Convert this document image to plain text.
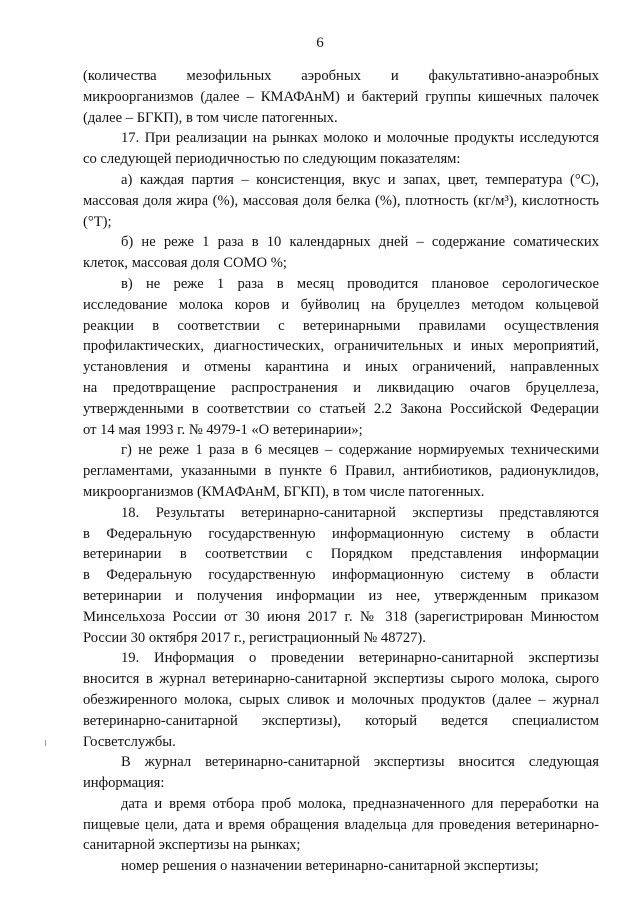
6

(количества мезофильных аэробных и факультативно-анаэробных
микроорганизмов (далее – КМАФАнМ) и бактерий группы кишечных палочек
(далее – БГКП), в том числе патогенных.

17. При реализации на рынках молоко и молочные продукты исследуются
со следующей периодичностью по следующим показателям:

а) каждая партия – консистенция, вкус и запах, цвет, температура (°C),
массовая доля жира (%), массовая доля белка (%), плотность (кг/м³), кислотность
(°T);

б) не реже 1 раза в 10 календарных дней – содержание соматических
клеток, массовая доля СОМО %;

в) не реже 1 раза в месяц проводится плановое серологическое
исследование молока коров и буйволиц на бруцеллез методом кольцевой
реакции в соответствии с ветеринарными правилами осуществления
профилактических, диагностических, ограничительных и иных мероприятий,
установления и отмены карантина и иных ограничений, направленных
на предотвращение распространения и ликвидацию очагов бруцеллеза,
утвержденными в соответствии со статьей 2.2 Закона Российской Федерации
от 14 мая 1993 г. № 4979-1 «О ветеринарии»;

г) не реже 1 раза в 6 месяцев – содержание нормируемых техническими
регламентами, указанными в пункте 6 Правил, антибиотиков, радионуклидов,
микроорганизмов (КМАФАнМ, БГКП), в том числе патогенных.

18. Результаты ветеринарно-санитарной экспертизы представляются
в Федеральную государственную информационную систему в области
ветеринарии в соответствии с Порядком представления информации
в Федеральную государственную информационную систему в области
ветеринарии и получения информации из нее, утвержденным приказом
Минсельхоза России от 30 июня 2017 г. № 318 (зарегистрирован Минюстом
России 30 октября 2017 г., регистрационный № 48727).

19. Информация о проведении ветеринарно-санитарной экспертизы
вносится в журнал ветеринарно-санитарной экспертизы сырого молока, сырого
обезжиренного молока, сырых сливок и молочных продуктов (далее – журнал
ветеринарно-санитарной экспертизы), который ведется специалистом
Госветслужбы.

В журнал ветеринарно-санитарной экспертизы вносится следующая
информация:

дата и время отбора проб молока, предназначенного для переработки на
пищевые цели, дата и время обращения владельца для проведения ветеринарно-
санитарной экспертизы на рынках;

номер решения о назначении ветеринарно-санитарной экспертизы;
